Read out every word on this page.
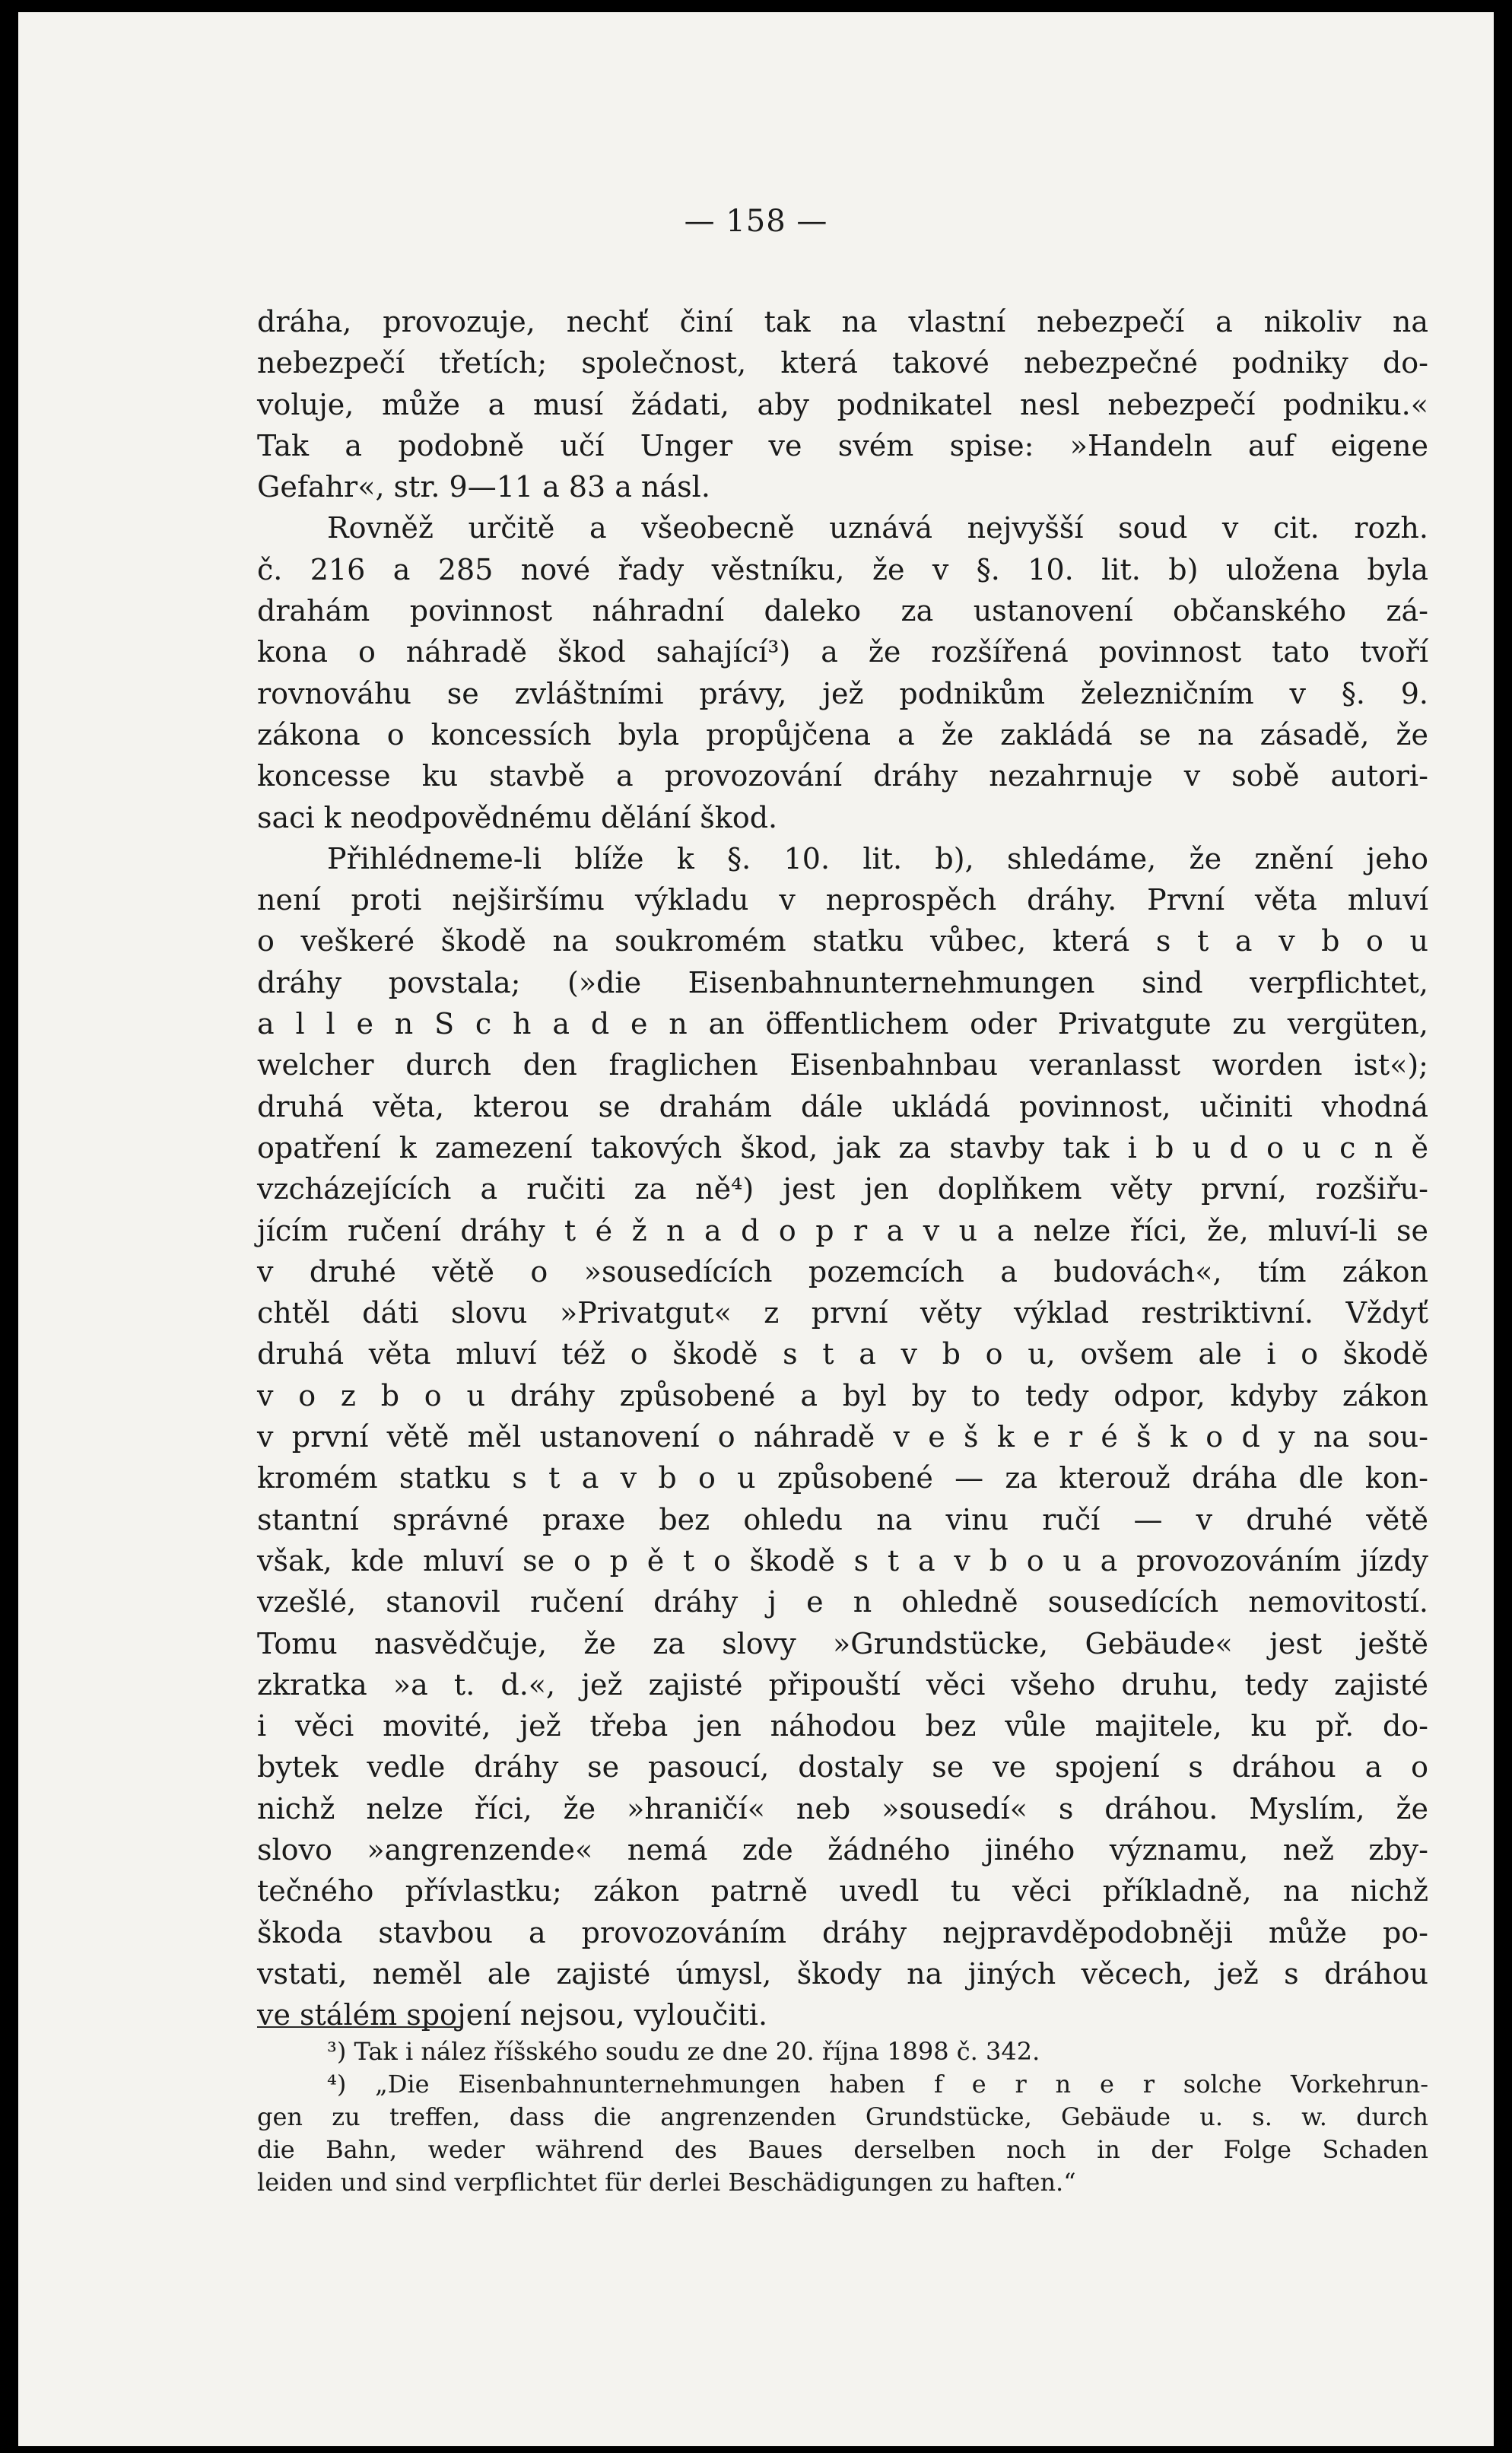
— 158 —
dráha, provozuje, nechť činí tak na vlastní nebezpečí a nikoliv na
nebezpečí třetích; společnost, která takové nebezpečné podniky do-
voluje, může a musí žádati, aby podnikatel nesl nebezpečí podniku.«
Tak a podobně učí Unger ve svém spise: »Handeln auf eigene
Gefahr«, str. 9—11 a 83 a násl.
Rovněž určitě a všeobecně uznává nejvyšší soud v cit. rozh.
č. 216 a 285 nové řady věstníku, že v §. 10. lit. b) uložena byla
drahám povinnost náhradní daleko za ustanovení občanského zá-
kona o náhradě škod sahající³) a že rozšířená povinnost tato tvoří
rovnováhu se zvláštními právy, jež podnikům železničním v §. 9.
zákona o koncessích byla propůjčena a že zakládá se na zásadě, že
koncesse ku stavbě a provozování dráhy nezahrnuje v sobě autori-
saci k neodpovědnému dělání škod.
Přihlédneme-li blíže k §. 10. lit. b), shledáme, že znění jeho
není proti nejširšímu výkladu v neprospěch dráhy. První věta mluví
o veškeré škodě na soukromém statku vůbec, která s t a v b o u
dráhy povstala; (»die Eisenbahnunternehmungen sind verpflichtet,
a l l e n S c h a d e n an öffentlichem oder Privatgute zu vergüten,
welcher durch den fraglichen Eisenbahnbau veranlasst worden ist«);
druhá věta, kterou se drahám dále ukládá povinnost, učiniti vhodná
opatření k zamezení takových škod, jak za stavby tak i b u d o u c n ě
vzcházejících a ručiti za ně⁴) jest jen doplňkem věty první, rozšiřu-
jícím ručení dráhy t é ž n a d o p r a v u a nelze říci, že, mluví-li se
v druhé větě o »sousedících pozemcích a budovách«, tím zákon
chtěl dáti slovu »Privatgut« z první věty výklad restriktivní. Vždyť
druhá věta mluví též o škodě s t a v b o u, ovšem ale i o škodě
v o z b o u dráhy způsobené a byl by to tedy odpor, kdyby zákon
v první větě měl ustanovení o náhradě v e š k e r é š k o d y na sou-
kromém statku s t a v b o u způsobené — za kterouž dráha dle kon-
stantní správné praxe bez ohledu na vinu ručí — v druhé větě
však, kde mluví se o p ě t o škodě s t a v b o u a provozováním jízdy
vzešlé, stanovil ručení dráhy j e n ohledně sousedících nemovitostí.
Tomu nasvědčuje, že za slovy »Grundstücke, Gebäude« jest ještě
zkratka »a t. d.«, jež zajisté připouští věci všeho druhu, tedy zajisté
i věci movité, jež třeba jen náhodou bez vůle majitele, ku př. do-
bytek vedle dráhy se pasoucí, dostaly se ve spojení s dráhou a o
nichž nelze říci, že »hraničí« neb »sousedí« s dráhou. Myslím, že
slovo »angrenzende« nemá zde žádného jiného významu, než zby-
tečného přívlastku; zákon patrně uvedl tu věci příkladně, na nichž
škoda stavbou a provozováním dráhy nejpravděpodobněji může po-
vstati, neměl ale zajisté úmysl, škody na jiných věcech, jež s dráhou
ve stálém spojení nejsou, vyloučiti.
³) Tak i nález říšského soudu ze dne 20. října 1898 č. 342.
⁴) „Die Eisenbahnunternehmungen haben f e r n e r solche Vorkehrun-
gen zu treffen, dass die angrenzenden Grundstücke, Gebäude u. s. w. durch
die Bahn, weder während des Baues derselben noch in der Folge Schaden
leiden und sind verpflichtet für derlei Beschädigungen zu haften.“
